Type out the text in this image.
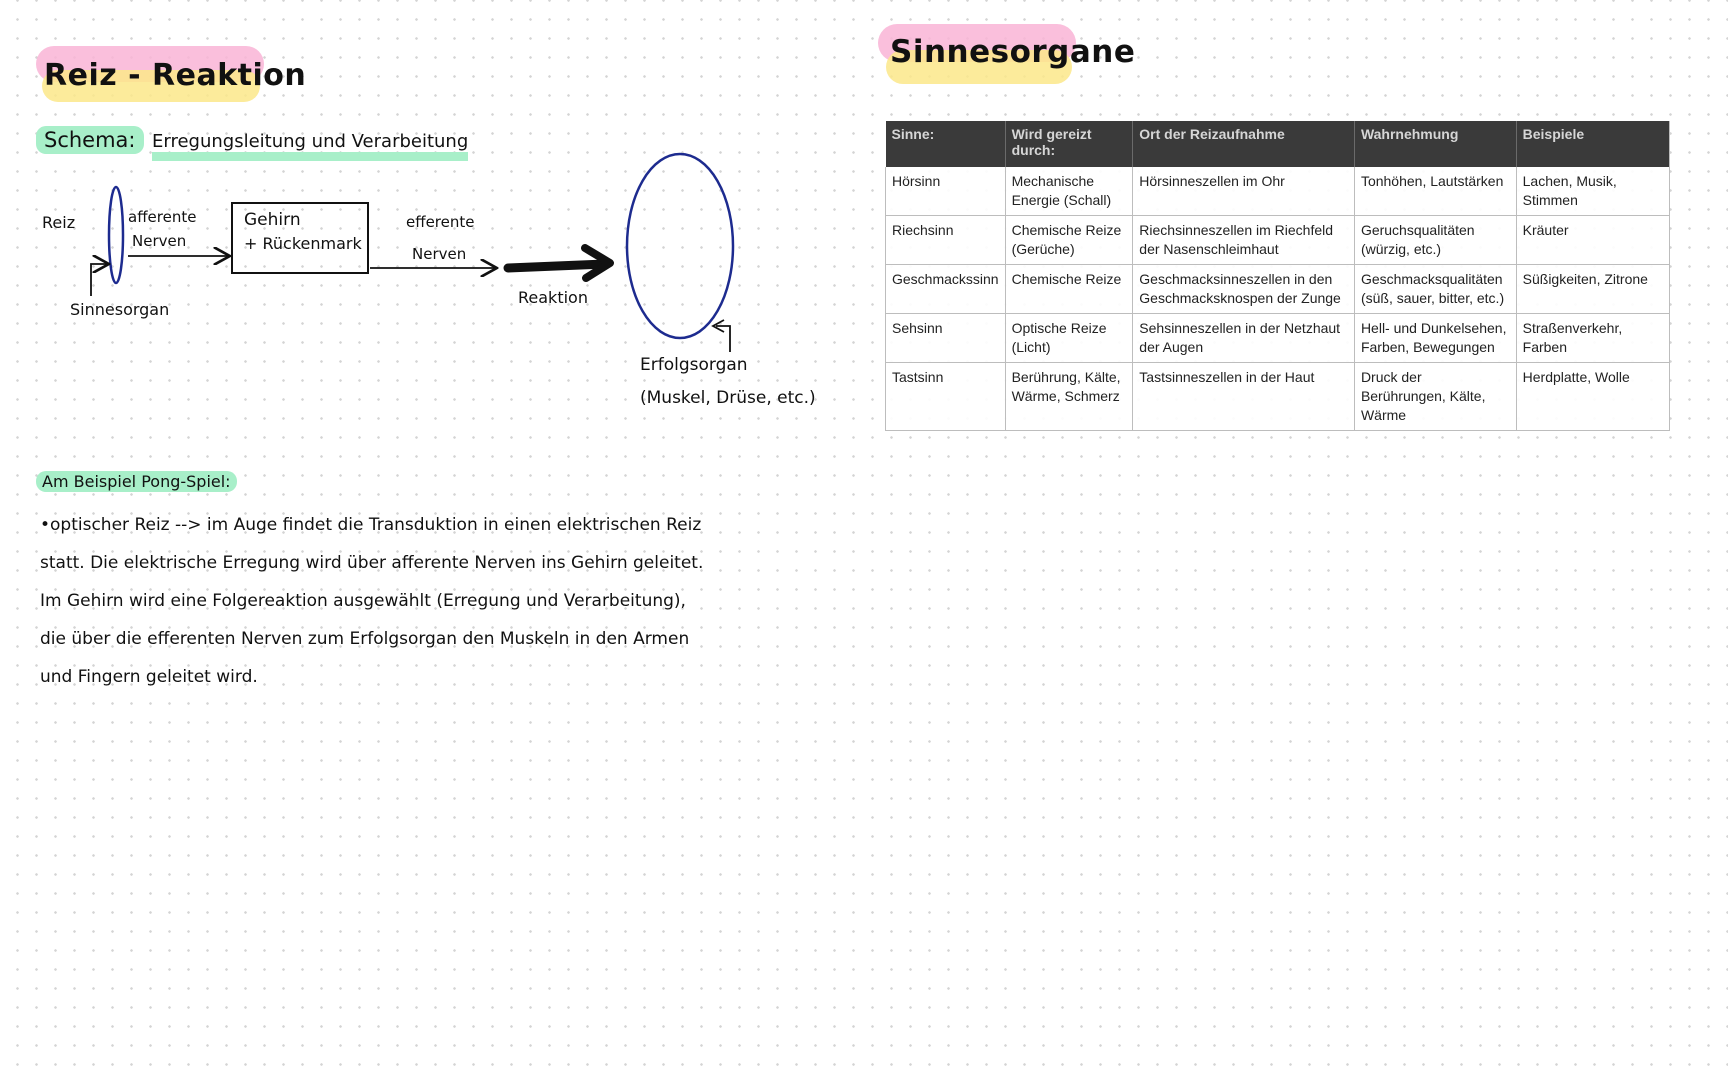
Reiz - Reaktion
Sinnesorgane
Schema: Erregungsleitung und Verarbeitung
Reiz	afferente
Nerven
Gehirn
+ Rückenmark
efferente
Nerven
Sinnesorgan
Reaktion
Erfolgsorgan
(Muskel, Drüse, etc.)
Am Beispiel Pong-Spiel:
•optischer Reiz --> im Auge findet die Transduktion in einen elektrischen Reiz
statt. Die elektrische Erregung wird über afferente Nerven ins Gehirn geleitet.
Im Gehirn wird eine Folgereaktion ausgewählt (Erregung und Verarbeitung),
die über die efferenten Nerven zum Erfolgsorgan den Muskeln in den Armen
und Fingern geleitet wird.
Sinne:	Wird gereizt durch:	Ort der Reizaufnahme	Wahrnehmung	Beispiele
Hörsinn	Mechanische Energie (Schall)	Hörsinneszellen im Ohr	Tonhöhen, Lautstärken	Lachen, Musik, Stimmen
Riechsinn	Chemische Reize (Gerüche)	Riechsinneszellen im Riechfeld der Nasenschleimhaut	Geruchsqualitäten (würzig, etc.)	Kräuter
Geschmackssinn	Chemische Reize	Geschmacksinneszellen in den Geschmacksknospen der Zunge	Geschmacksqualitäten (süß, sauer, bitter, etc.)	Süßigkeiten, Zitrone
Sehsinn	Optische Reize (Licht)	Sehsinneszellen in der Netzhaut der Augen	Hell- und Dunkelsehen, Farben, Bewegungen	Straßenverkehr, Farben
Tastsinn	Berührung, Kälte, Wärme, Schmerz	Tastsinneszellen in der Haut	Druck der Berührungen, Kälte, Wärme	Herdplatte, Wolle
